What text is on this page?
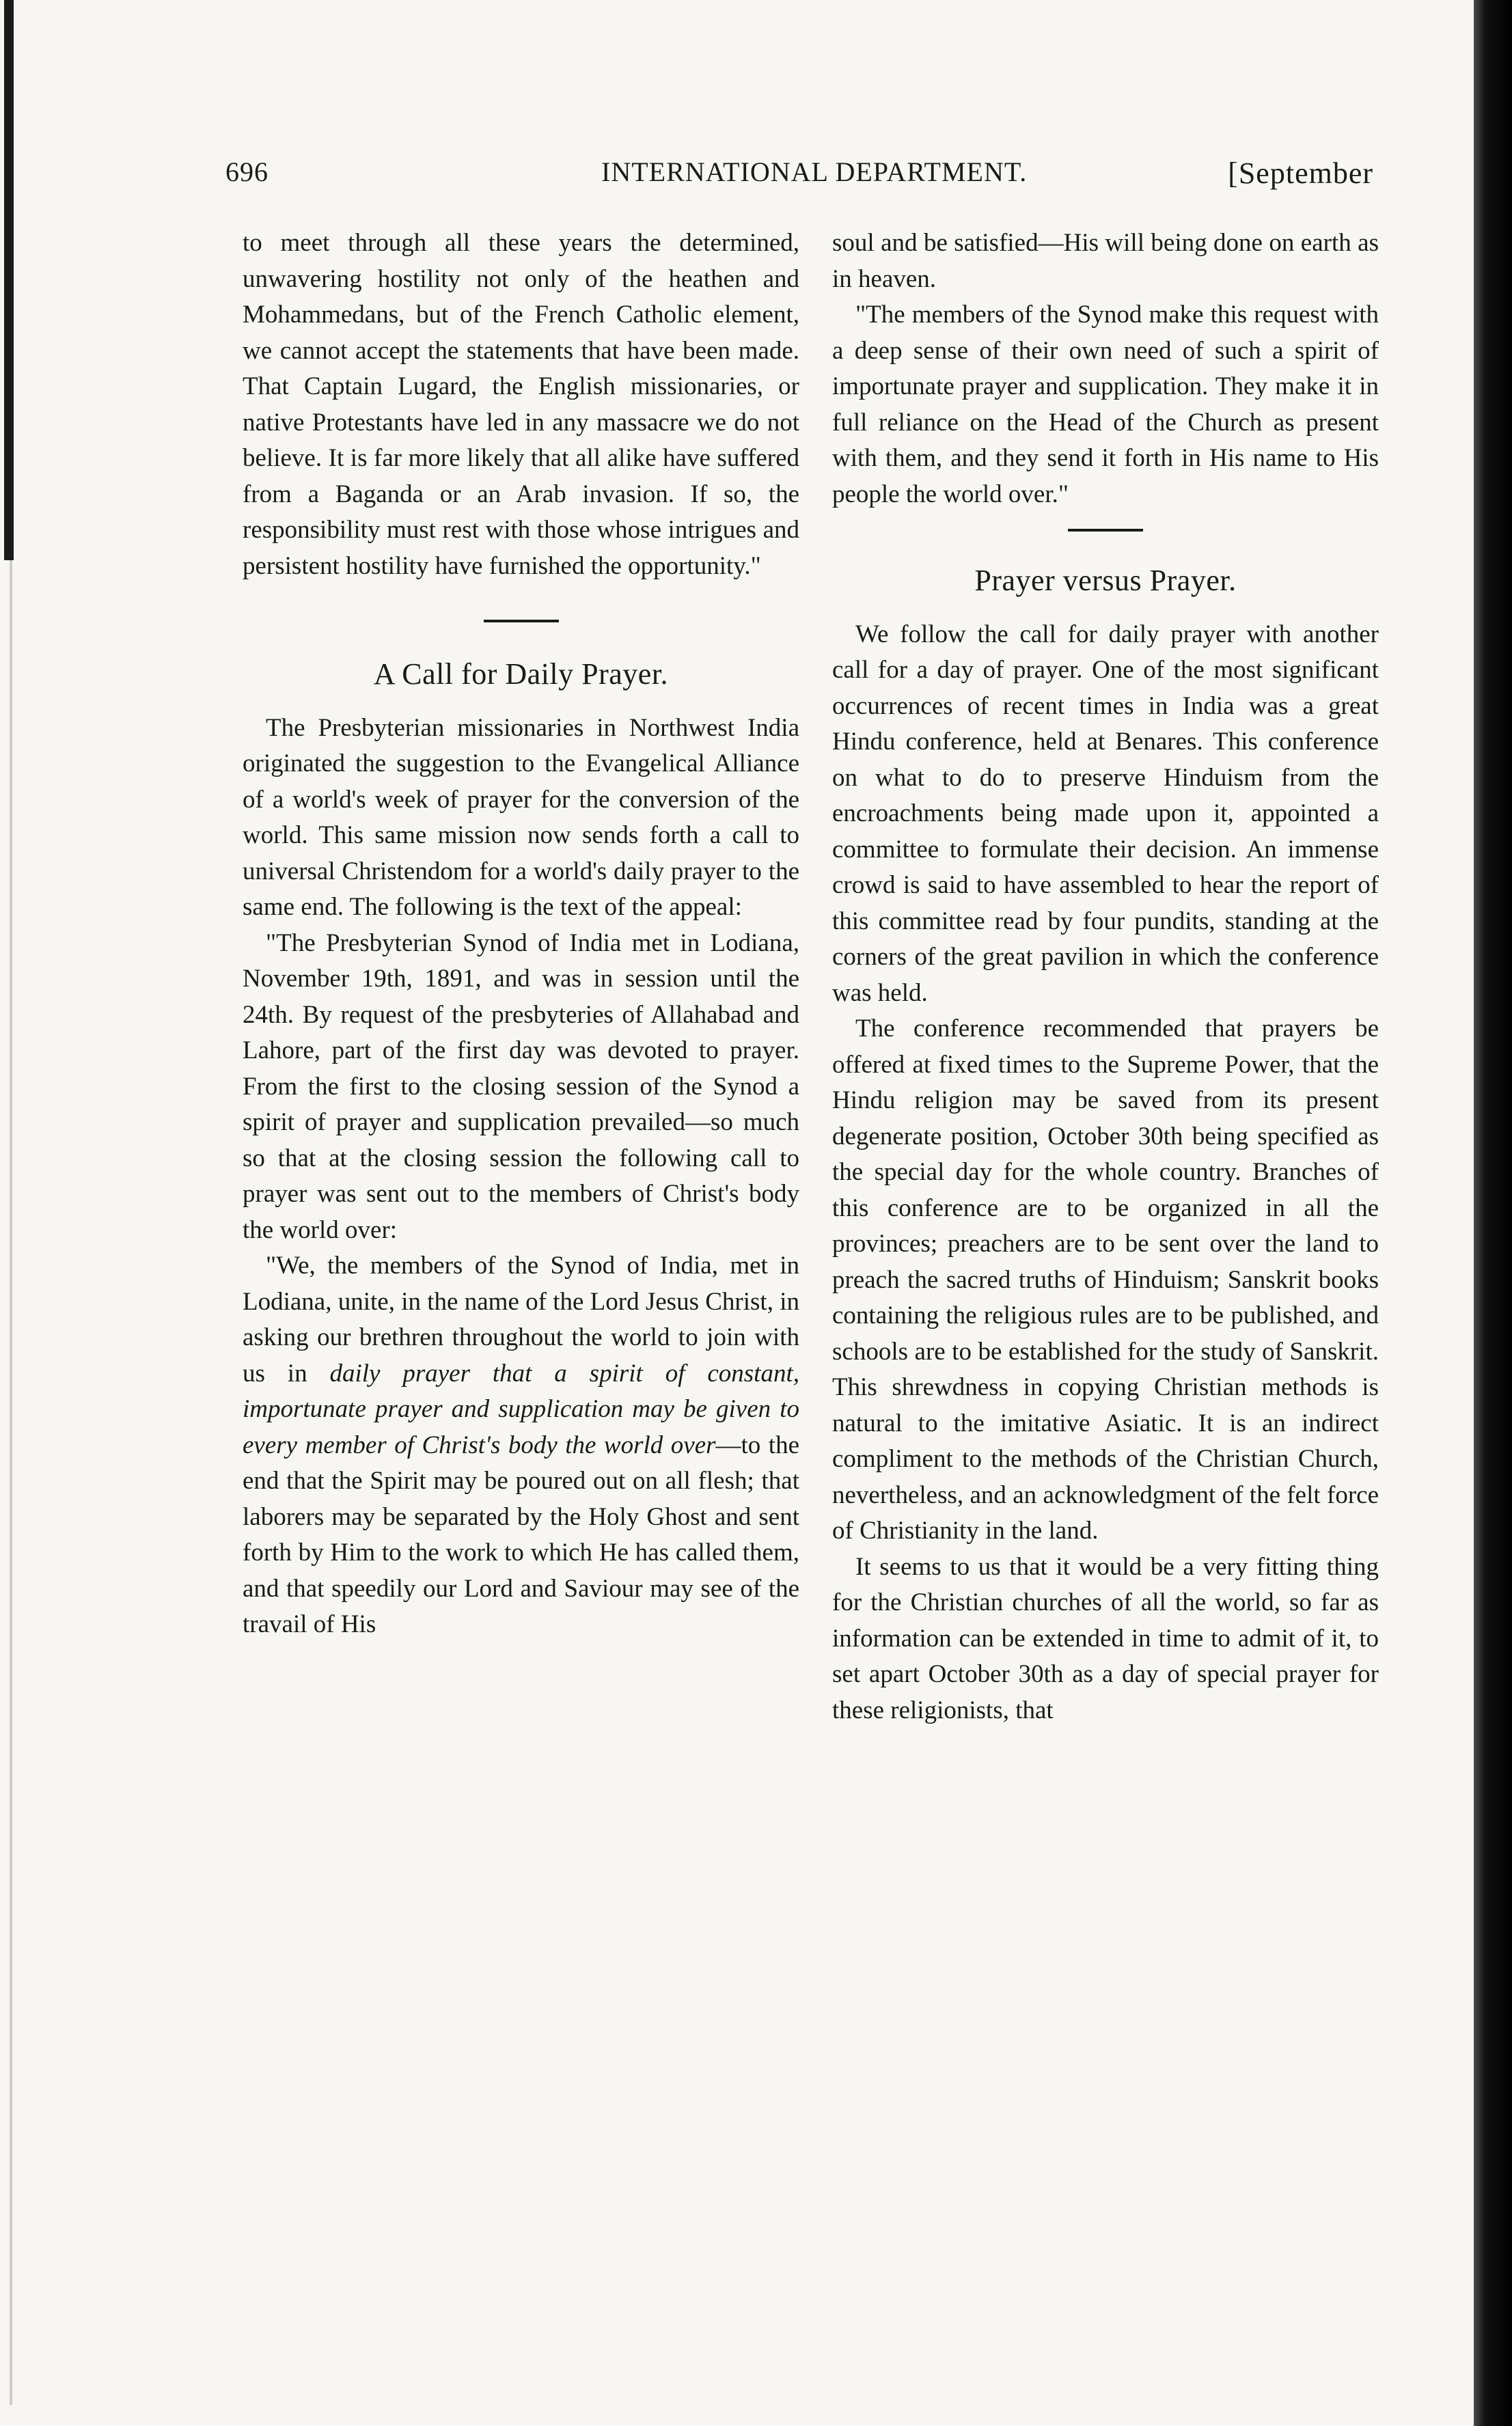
696	INTERNATIONAL DEPARTMENT.	[September

to meet through all these years the determined, unwavering hostility not only of the heathen and Mohammedans, but of the French Catholic element, we cannot accept the statements that have been made. That Captain Lugard, the English missionaries, or native Protestants have led in any massacre we do not believe. It is far more likely that all alike have suffered from a Baganda or an Arab invasion. If so, the responsibility must rest with those whose intrigues and persistent hostility have furnished the opportunity."

A Call for Daily Prayer.

The Presbyterian missionaries in Northwest India originated the suggestion to the Evangelical Alliance of a world's week of prayer for the conversion of the world. This same mission now sends forth a call to universal Christendom for a world's daily prayer to the same end. The following is the text of the appeal:

"The Presbyterian Synod of India met in Lodiana, November 19th, 1891, and was in session until the 24th. By request of the presbyteries of Allahabad and Lahore, part of the first day was devoted to prayer. From the first to the closing session of the Synod a spirit of prayer and supplication prevailed—so much so that at the closing session the following call to prayer was sent out to the members of Christ's body the world over:

"We, the members of the Synod of India, met in Lodiana, unite, in the name of the Lord Jesus Christ, in asking our brethren throughout the world to join with us in daily prayer that a spirit of constant, importunate prayer and supplication may be given to every member of Christ's body the world over—to the end that the Spirit may be poured out on all flesh; that laborers may be separated by the Holy Ghost and sent forth by Him to the work to which He has called them, and that speedily our Lord and Saviour may see of the travail of His

soul and be satisfied—His will being done on earth as in heaven.

"The members of the Synod make this request with a deep sense of their own need of such a spirit of importunate prayer and supplication. They make it in full reliance on the Head of the Church as present with them, and they send it forth in His name to His people the world over."

Prayer versus Prayer.

We follow the call for daily prayer with another call for a day of prayer. One of the most significant occurrences of recent times in India was a great Hindu conference, held at Benares. This conference on what to do to preserve Hinduism from the encroachments being made upon it, appointed a committee to formulate their decision. An immense crowd is said to have assembled to hear the report of this committee read by four pundits, standing at the corners of the great pavilion in which the conference was held.

The conference recommended that prayers be offered at fixed times to the Supreme Power, that the Hindu religion may be saved from its present degenerate position, October 30th being specified as the special day for the whole country. Branches of this conference are to be organized in all the provinces; preachers are to be sent over the land to preach the sacred truths of Hinduism; Sanskrit books containing the religious rules are to be published, and schools are to be established for the study of Sanskrit. This shrewdness in copying Christian methods is natural to the imitative Asiatic. It is an indirect compliment to the methods of the Christian Church, nevertheless, and an acknowledgment of the felt force of Christianity in the land.

It seems to us that it would be a very fitting thing for the Christian churches of all the world, so far as information can be extended in time to admit of it, to set apart October 30th as a day of special prayer for these religionists, that
